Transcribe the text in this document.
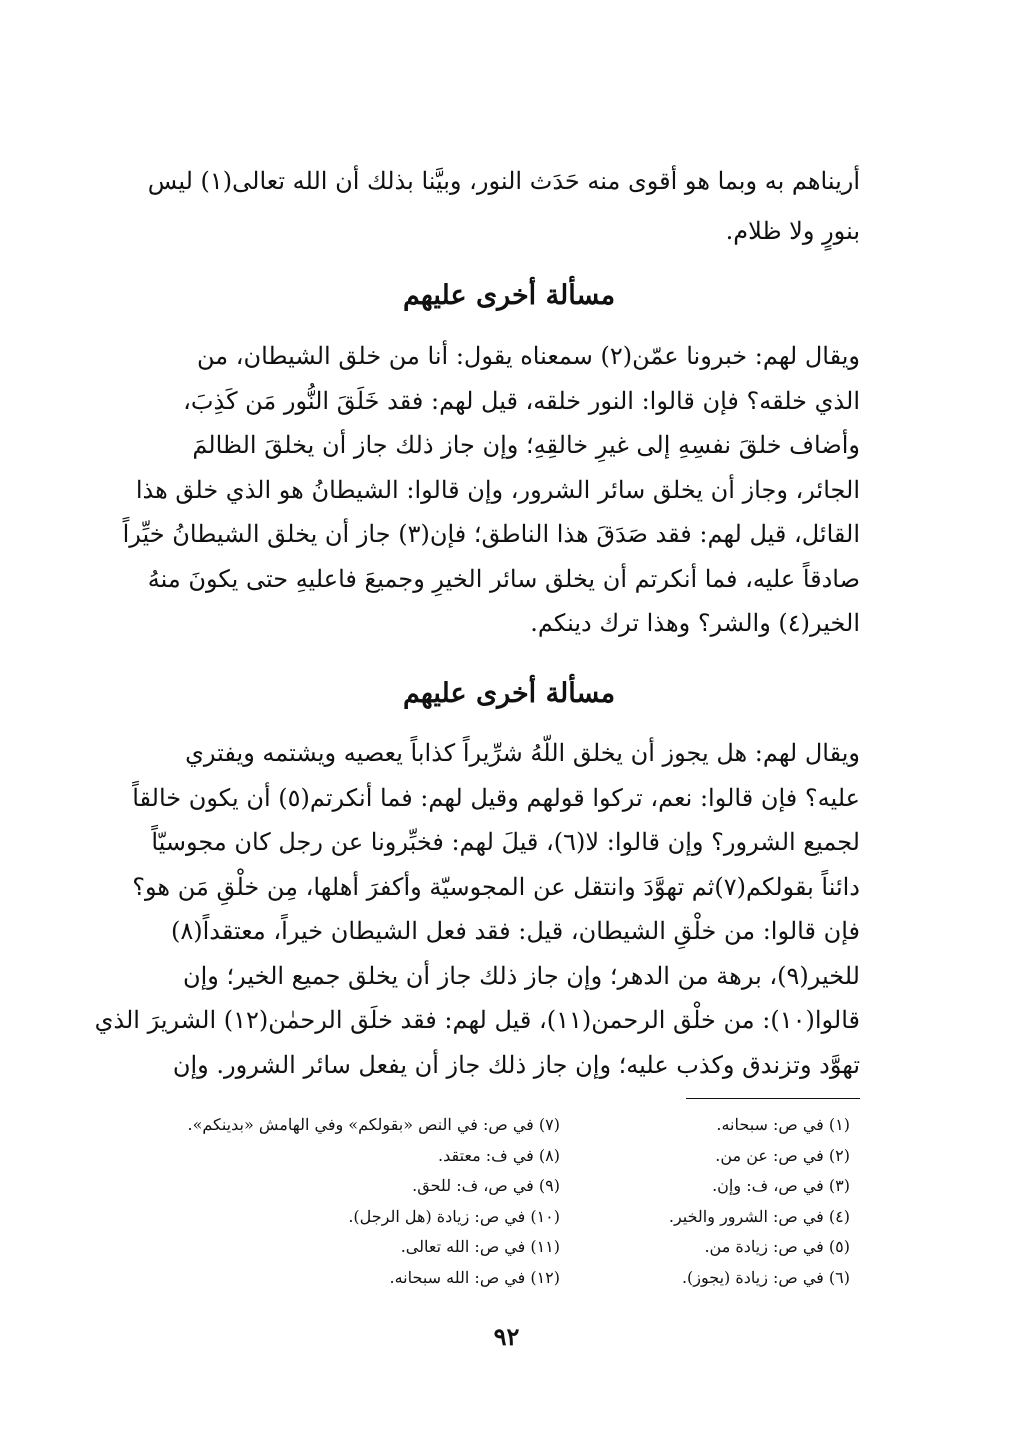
أريناهم به وبما هو أقوى منه حَدَث النور، وبيَّنا بذلك أن الله تعالى(١) ليس
بنورٍ ولا ظلام.
مسألة أخرى عليهم
ويقال لهم: خبرونا عمّن(٢) سمعناه يقول: أنا من خلق الشيطان، من
الذي خلقه؟ فإن قالوا: النور خلقه، قيل لهم: فقد خَلَقَ النُّور مَن كَذِبَ،
وأضاف خلقَ نفسِهِ إلى غيرِ خالقِهِ؛ وإن جاز ذلك جاز أن يخلقَ الظالمَ
الجائر، وجاز أن يخلق سائر الشرور، وإن قالوا: الشيطانُ هو الذي خلق هذا
القائل، قيل لهم: فقد صَدَقَ هذا الناطق؛ فإن(٣) جاز أن يخلق الشيطانُ خيِّراً
صادقاً عليه، فما أنكرتم أن يخلق سائر الخيرِ وجميعَ فاعليهِ حتى يكونَ منهُ
الخير(٤) والشر؟ وهذا ترك دينكم.
مسألة أخرى عليهم
ويقال لهم: هل يجوز أن يخلق اللّهُ شرِّيراً كذاباً يعصيه ويشتمه ويفتري
عليه؟ فإن قالوا: نعم، تركوا قولهم وقيل لهم: فما أنكرتم(٥) أن يكون خالقاً
لجميع الشرور؟ وإن قالوا: لا(٦)، قيلَ لهم: فخبِّرونا عن رجل كان مجوسيّاً
دائناً بقولكم(٧)ثم تهوَّدَ وانتقل عن المجوسيّة وأكفرَ أهلها، مِن خلْقِ مَن هو؟
فإن قالوا: من خلْقِ الشيطان، قيل: فقد فعل الشيطان خيراً، معتقداً(٨)
للخير(٩)، برهة من الدهر؛ وإن جاز ذلك جاز أن يخلق جميع الخير؛ وإن
قالوا(١٠): من خلْق الرحمن(١١)، قيل لهم: فقد خلَق الرحمٰن(١٢) الشريرَ الذي
تهوَّد وتزندق وكذب عليه؛ وإن جاز ذلك جاز أن يفعل سائر الشرور. وإن
(١) في ص: سبحانه.
(٢) في ص: عن من.
(٣) في ص، ف: وإن.
(٤) في ص: الشرور والخير.
(٥) في ص: زيادة من.
(٦) في ص: زيادة (يجوز).
(٧) في ص: في النص «بقولكم» وفي الهامش «بدينكم».
(٨) في ف: معتقد.
(٩) في ص، ف: للحق.
(١٠) في ص: زيادة (هل الرجل).
(١١) في ص: الله تعالى.
(١٢) في ص: الله سبحانه.
٩٢
